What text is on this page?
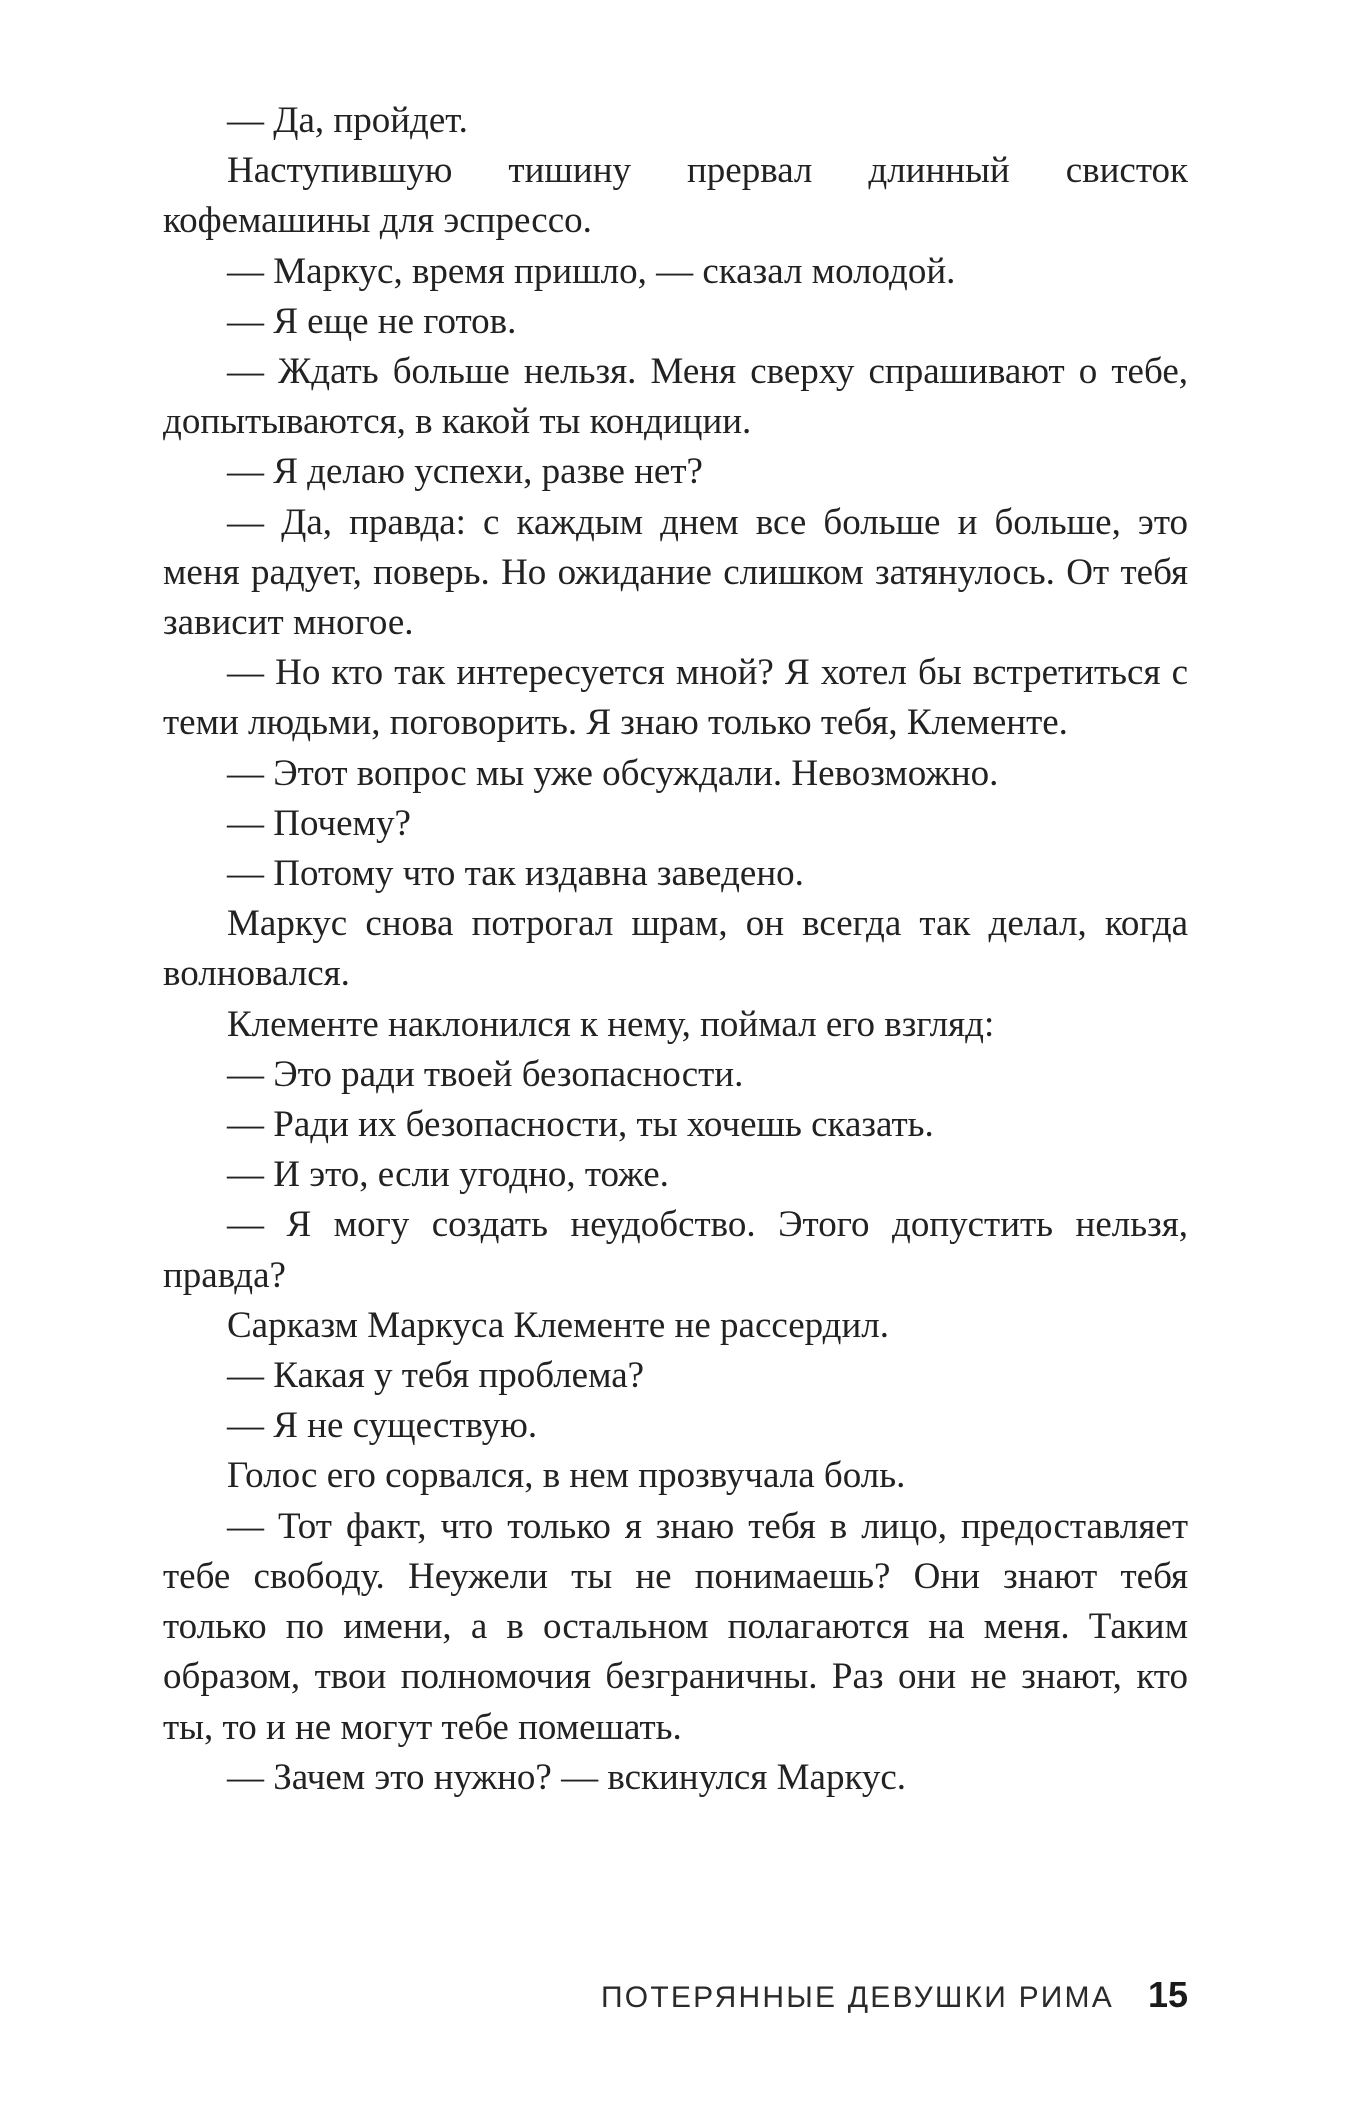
— Да, пройдет.

Наступившую тишину прервал длинный свисток кофемашины для эспрессо.

— Маркус, время пришло, — сказал молодой.

— Я еще не готов.

— Ждать больше нельзя. Меня сверху спрашивают о тебе, допытываются, в какой ты кондиции.

— Я делаю успехи, разве нет?

— Да, правда: с каждым днем все больше и больше, это меня радует, поверь. Но ожидание слишком затянулось. От тебя зависит многое.

— Но кто так интересуется мной? Я хотел бы встретиться с теми людьми, поговорить. Я знаю только тебя, Клементе.

— Этот вопрос мы уже обсуждали. Невозможно.

— Почему?

— Потому что так издавна заведено.

Маркус снова потрогал шрам, он всегда так делал, когда волновался.

Клементе наклонился к нему, поймал его взгляд:

— Это ради твоей безопасности.

— Ради их безопасности, ты хочешь сказать.

— И это, если угодно, тоже.

— Я могу создать неудобство. Этого допустить нельзя, правда?

Сарказм Маркуса Клементе не рассердил.

— Какая у тебя проблема?

— Я не существую.

Голос его сорвался, в нем прозвучала боль.

— Тот факт, что только я знаю тебя в лицо, предоставляет тебе свободу. Неужели ты не понимаешь? Они знают тебя только по имени, а в остальном полагаются на меня. Таким образом, твои полномочия безграничны. Раз они не знают, кто ты, то и не могут тебе помешать.

— Зачем это нужно? — вскинулся Маркус.

ПОТЕРЯННЫЕ ДЕВУШКИ РИМА 15
